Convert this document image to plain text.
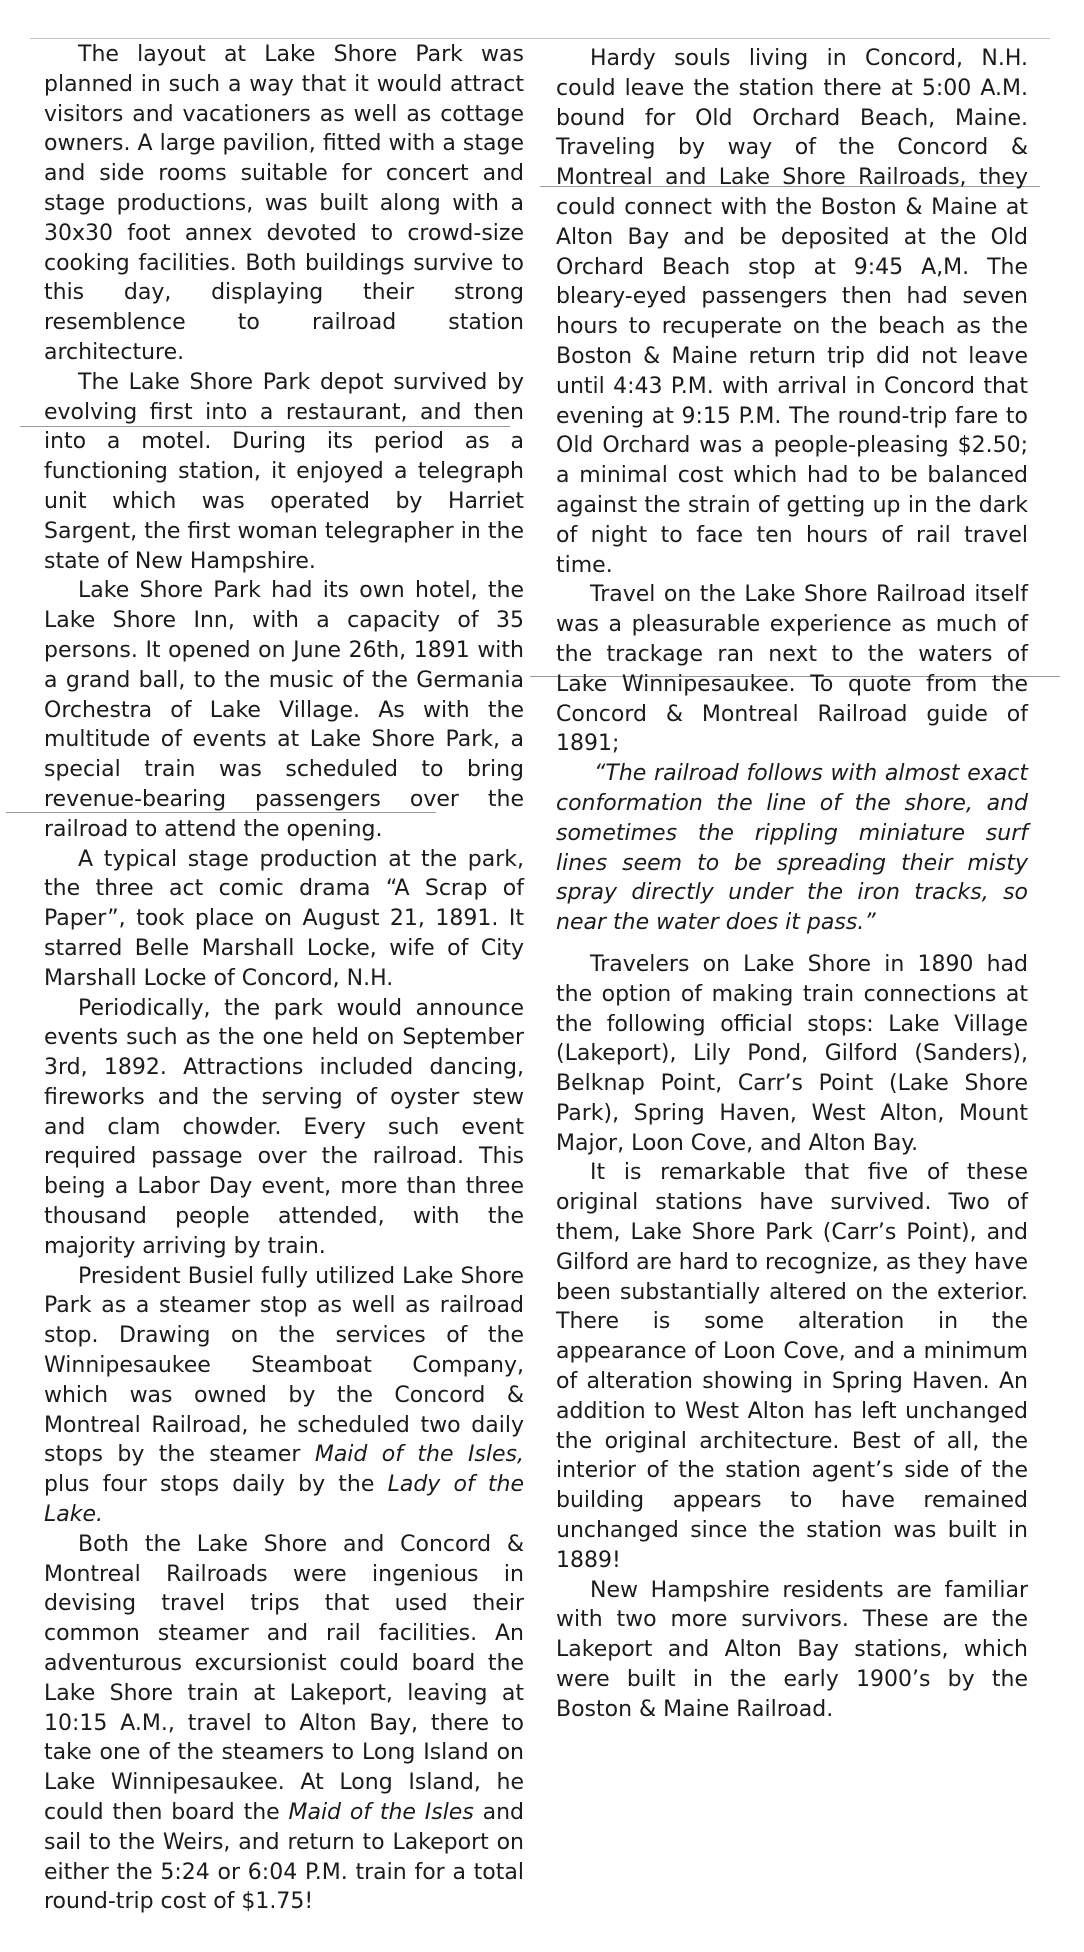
The layout at Lake Shore Park was planned in such a way that it would attract visitors and vacationers as well as cottage owners. A large pavilion, fitted with a stage and side rooms suitable for concert and stage productions, was built along with a 30x30 foot annex devoted to crowd-size cooking facilities. Both buildings survive to this day, displaying their strong resemblence to railroad station architecture.

The Lake Shore Park depot survived by evolving first into a restaurant, and then into a motel. During its period as a functioning station, it enjoyed a telegraph unit which was operated by Harriet Sargent, the first woman telegrapher in the state of New Hampshire.

Lake Shore Park had its own hotel, the Lake Shore Inn, with a capacity of 35 persons. It opened on June 26th, 1891 with a grand ball, to the music of the Germania Orchestra of Lake Village. As with the multitude of events at Lake Shore Park, a special train was scheduled to bring revenue-bearing passengers over the railroad to attend the opening.

A typical stage production at the park, the three act comic drama “A Scrap of Paper”, took place on August 21, 1891. It starred Belle Marshall Locke, wife of City Marshall Locke of Concord, N.H.

Periodically, the park would announce events such as the one held on September 3rd, 1892. Attractions included dancing, fireworks and the serving of oyster stew and clam chowder. Every such event required passage over the railroad. This being a Labor Day event, more than three thousand people attended, with the majority arriving by train.

President Busiel fully utilized Lake Shore Park as a steamer stop as well as railroad stop. Drawing on the services of the Winnipesaukee Steamboat Company, which was owned by the Concord & Montreal Railroad, he scheduled two daily stops by the steamer Maid of the Isles, plus four stops daily by the Lady of the Lake.

Both the Lake Shore and Concord & Montreal Railroads were ingenious in devising travel trips that used their common steamer and rail facilities. An adventurous excursionist could board the Lake Shore train at Lakeport, leaving at 10:15 A.M., travel to Alton Bay, there to take one of the steamers to Long Island on Lake Winnipesaukee. At Long Island, he could then board the Maid of the Isles and sail to the Weirs, and return to Lakeport on either the 5:24 or 6:04 P.M. train for a total round-trip cost of $1.75!

Hardy souls living in Concord, N.H. could leave the station there at 5:00 A.M. bound for Old Orchard Beach, Maine. Traveling by way of the Concord & Montreal and Lake Shore Railroads, they could connect with the Boston & Maine at Alton Bay and be deposited at the Old Orchard Beach stop at 9:45 A,M. The bleary-eyed passengers then had seven hours to recuperate on the beach as the Boston & Maine return trip did not leave until 4:43 P.M. with arrival in Concord that evening at 9:15 P.M. The round-trip fare to Old Orchard was a people-pleasing $2.50; a minimal cost which had to be balanced against the strain of getting up in the dark of night to face ten hours of rail travel time.

Travel on the Lake Shore Railroad itself was a pleasurable experience as much of the trackage ran next to the waters of Lake Winnipesaukee. To quote from the Concord & Montreal Railroad guide of 1891;

“The railroad follows with almost exact conformation the line of the shore, and sometimes the rippling miniature surf lines seem to be spreading their misty spray directly under the iron tracks, so near the water does it pass.”

Travelers on Lake Shore in 1890 had the option of making train connections at the following official stops: Lake Village (Lakeport), Lily Pond, Gilford (Sanders), Belknap Point, Carr’s Point (Lake Shore Park), Spring Haven, West Alton, Mount Major, Loon Cove, and Alton Bay.

It is remarkable that five of these original stations have survived. Two of them, Lake Shore Park (Carr’s Point), and Gilford are hard to recognize, as they have been substantially altered on the exterior. There is some alteration in the appearance of Loon Cove, and a minimum of alteration showing in Spring Haven. An addition to West Alton has left unchanged the original architecture. Best of all, the interior of the station agent’s side of the building appears to have remained unchanged since the station was built in 1889!

New Hampshire residents are familiar with two more survivors. These are the Lakeport and Alton Bay stations, which were built in the early 1900’s by the Boston & Maine Railroad.
